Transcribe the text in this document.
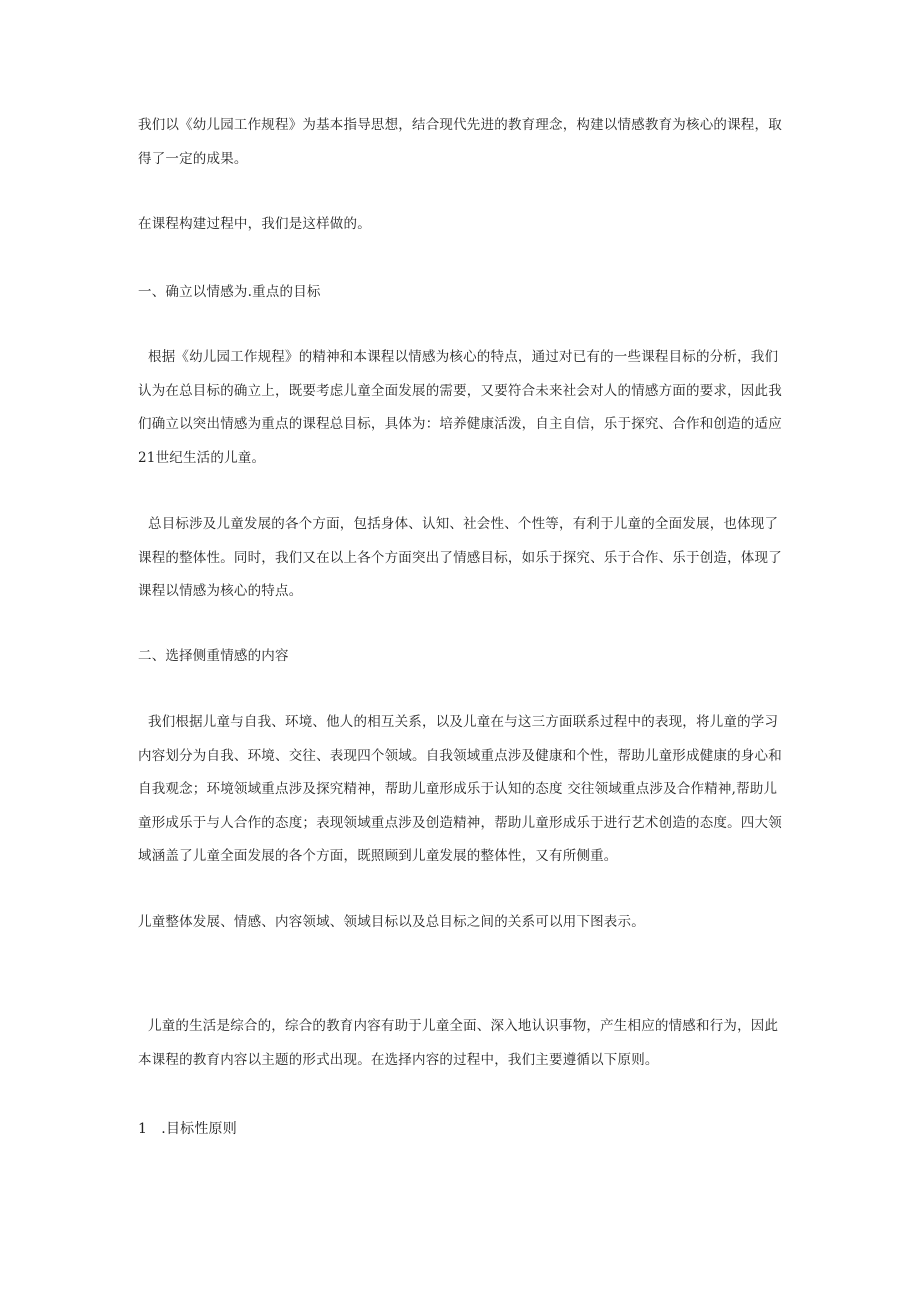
我们以《幼儿园工作规程》为基本指导思想，结合现代先进的教育理念，构建以情感教育为核心的课程，取得了一定的成果。

在课程构建过程中，我们是这样做的。

一、确立以情感为.重点的目标

根据《幼儿园工作规程》的精神和本课程以情感为核心的特点，通过对已有的一些课程目标的分析，我们认为在总目标的确立上，既要考虑儿童全面发展的需要，又要符合未来社会对人的情感方面的要求，因此我们确立以突出情感为重点的课程总目标，具体为：培养健康活泼，自主自信，乐于探究、合作和创造的适应21世纪生活的儿童。

总目标涉及儿童发展的各个方面，包括身体、认知、社会性、个性等，有利于儿童的全面发展，也体现了课程的整体性。同时，我们又在以上各个方面突出了情感目标，如乐于探究、乐于合作、乐于创造，体现了课程以情感为核心的特点。

二、选择侧重情感的内容

我们根据儿童与自我、环境、他人的相互关系，以及儿童在与这三方面联系过程中的表现，将儿童的学习内容划分为自我、环境、交往、表现四个领域。自我领域重点涉及健康和个性，帮助儿童形成健康的身心和自我观念；环境领域重点涉及探究精神，帮助儿童形成乐于认知的态度 交往领域重点涉及合作精神,帮助儿童形成乐于与人合作的态度；表现领域重点涉及创造精神，帮助儿童形成乐于进行艺术创造的态度。四大领域涵盖了儿童全面发展的各个方面，既照顾到儿童发展的整体性，又有所侧重。

儿童整体发展、情感、内容领域、领域目标以及总目标之间的关系可以用下图表示。

儿童的生活是综合的，综合的教育内容有助于儿童全面、深入地认识事物，产生相应的情感和行为，因此本课程的教育内容以主题的形式出现。在选择内容的过程中，我们主要遵循以下原则。

1　.目标性原则
